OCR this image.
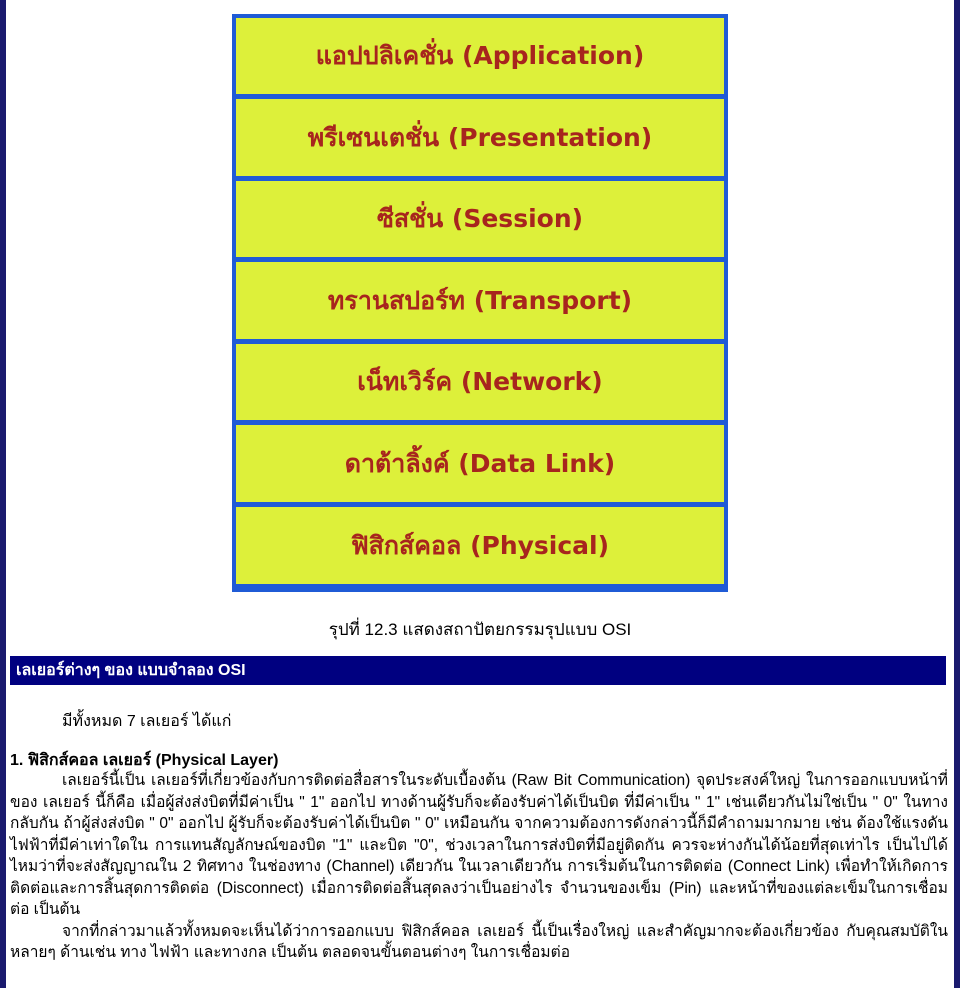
แอปปลิเคชั่น (Application)
พรีเซนเตชั่น (Presentation)
ซีสชั่น (Session)
ทรานสปอร์ท (Transport)
เน็ทเวิร์ค (Network)
ดาต้าลิ้งค์ (Data Link)
ฟิสิกส์คอล (Physical)
รุปที่ 12.3 แสดงสถาปัตยกรรมรุปแบบ OSI
เลเยอร์ต่างๆ ของ แบบจำลอง OSI
มีทั้งหมด 7 เลเยอร์ ได้แก่
1. ฟิสิกส์คอล เลเยอร์ (Physical Layer)

เลเยอร์นี้เป็น เลเยอร์ที่เกี่ยวข้องกับการติดต่อสื่อสารในระดับเบื้องต้น (Raw Bit Communication) จุดประสงค์ใหญ่ ในการออกแบบหน้าที่ของ เลเยอร์ นี้ก็คือ เมื่อผู้ส่งส่งบิตที่มีค่าเป็น " 1" ออกไป ทางด้านผู้รับก็จะต้องรับค่าได้เป็นบิต ที่มีค่าเป็น " 1" เช่นเดียวกันไม่ใช่เป็น " 0" ในทางกลับกัน ถ้าผู้ส่งส่งบิต " 0" ออกไป ผู้รับก็จะต้องรับค่าได้เป็นบิต " 0" เหมือนกัน จากความต้องการดังกล่าวนี้ก็มีคำถามมากมาย เช่น ต้องใช้แรงดันไฟฟ้าที่มีค่าเท่าใดใน การแทนสัญลักษณ์ของบิต "1" และบิต "0", ช่วงเวลาในการส่งบิตที่มีอยู่ติดกัน ควรจะห่างกันได้น้อยที่สุดเท่าไร เป็นไปได้ไหมว่าที่จะส่งสัญญาณใน 2 ทิศทาง ในช่องทาง (Channel) เดียวกัน ในเวลาเดียวกัน การเริ่มต้นในการติดต่อ (Connect Link) เพื่อทำให้เกิดการติดต่อและการสิ้นสุดการติดต่อ (Disconnect) เมื่อการติดต่อสิ้นสุดลงว่าเป็นอย่างไร จำนวนของเข็ม (Pin) และหน้าที่ของแต่ละเข็มในการเชื่อมต่อ เป็นต้น

จากที่กล่าวมาแล้วทั้งหมดจะเห็นได้ว่าการออกแบบ ฟิสิกส์คอล เลเยอร์ นี้เป็นเรื่องใหญ่ และสำคัญมากจะต้องเกี่ยวข้อง กับคุณสมบัติในหลายๆ ด้านเช่น ทาง ไฟฟ้า และทางกล เป็นต้น ตลอดจนขั้นตอนต่างๆ ในการเชื่อมต่อ
